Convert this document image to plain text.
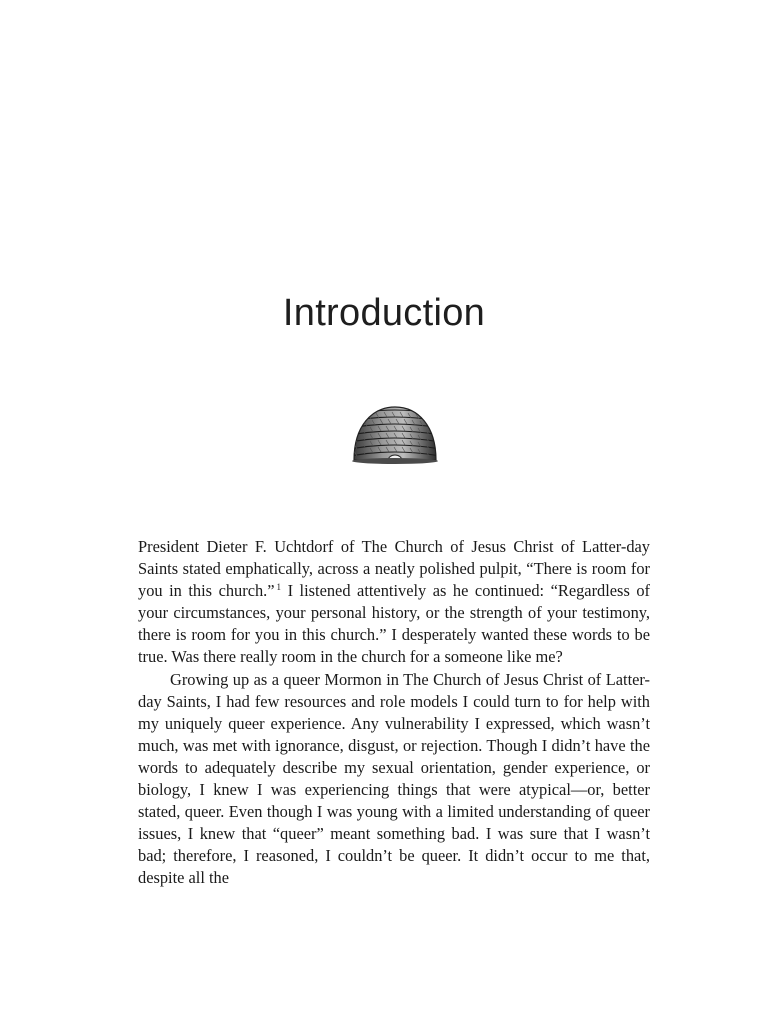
Introduction

President Dieter F. Uchtdorf of The Church of Jesus Christ of Latter-day Saints stated emphatically, across a neatly polished pulpit, “There is room for you in this church.” $^1$ I listened attentively as he continued: “Regardless of your circumstances, your personal history, or the strength of your testimony, there is room for you in this church.” I desperately wanted these words to be true. Was there really room in the church for a someone like me?

Growing up as a queer Mormon in The Church of Jesus Christ of Latter-day Saints, I had few resources and role models I could turn to for help with my uniquely queer experience. Any vulnerability I expressed, which wasn’t much, was met with ignorance, disgust, or rejection. Though I didn’t have the words to adequately describe my sexual orientation, gender experience, or biology, I knew I was experiencing things that were atypical—or, better stated, queer. Even though I was young with a limited understanding of queer issues, I knew that “queer” meant something bad. I was sure that I wasn’t bad; therefore, I reasoned, I couldn’t be queer. It didn’t occur to me that, despite all the
